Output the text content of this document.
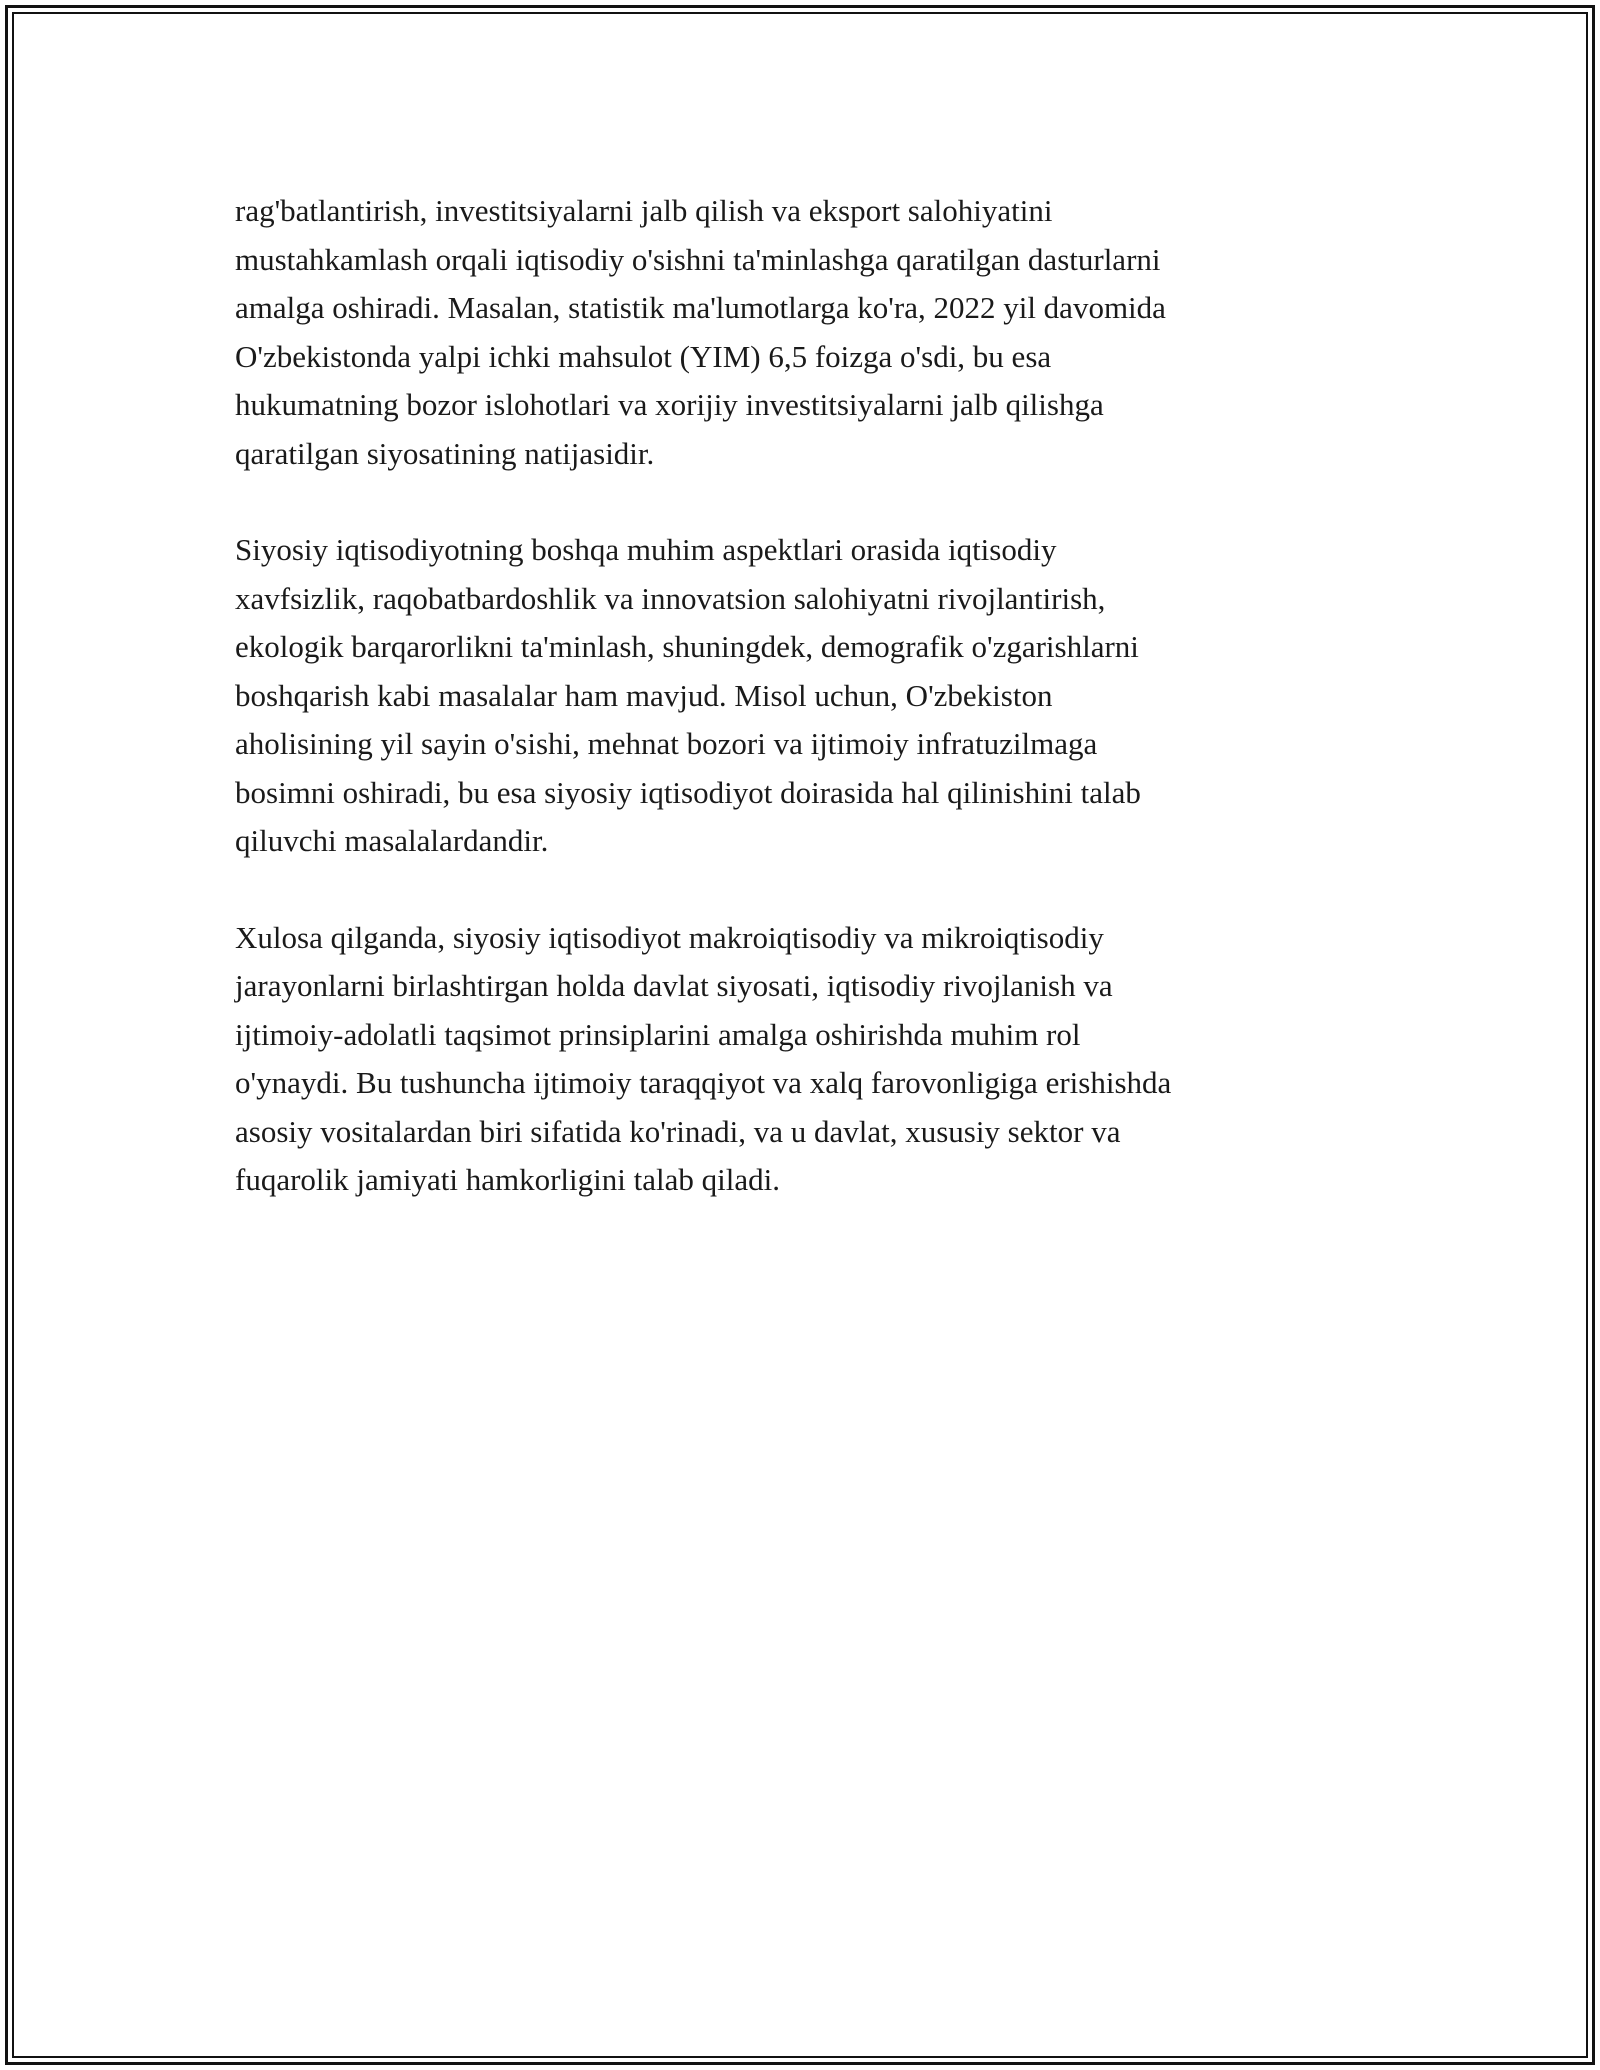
rag'batlantirish, investitsiyalarni jalb qilish va eksport salohiyatini
mustahkamlash orqali iqtisodiy o'sishni ta'minlashga qaratilgan dasturlarni
amalga oshiradi. Masalan, statistik ma'lumotlarga ko'ra, 2022 yil davomida
O'zbekistonda yalpi ichki mahsulot (YIM) 6,5 foizga o'sdi, bu esa
hukumatning bozor islohotlari va xorijiy investitsiyalarni jalb qilishga
qaratilgan siyosatining natijasidir.

Siyosiy iqtisodiyotning boshqa muhim aspektlari orasida iqtisodiy
xavfsizlik, raqobatbardoshlik va innovatsion salohiyatni rivojlantirish,
ekologik barqarorlikni ta'minlash, shuningdek, demografik o'zgarishlarni
boshqarish kabi masalalar ham mavjud. Misol uchun, O'zbekiston
aholisining yil sayin o'sishi, mehnat bozori va ijtimoiy infratuzilmaga
bosimni oshiradi, bu esa siyosiy iqtisodiyot doirasida hal qilinishini talab
qiluvchi masalalardandir.

Xulosa qilganda, siyosiy iqtisodiyot makroiqtisodiy va mikroiqtisodiy
jarayonlarni birlashtirgan holda davlat siyosati, iqtisodiy rivojlanish va
ijtimoiy-adolatli taqsimot prinsiplarini amalga oshirishda muhim rol
o'ynaydi. Bu tushuncha ijtimoiy taraqqiyot va xalq farovonligiga erishishda
asosiy vositalardan biri sifatida ko'rinadi, va u davlat, xususiy sektor va
fuqarolik jamiyati hamkorligini talab qiladi.
